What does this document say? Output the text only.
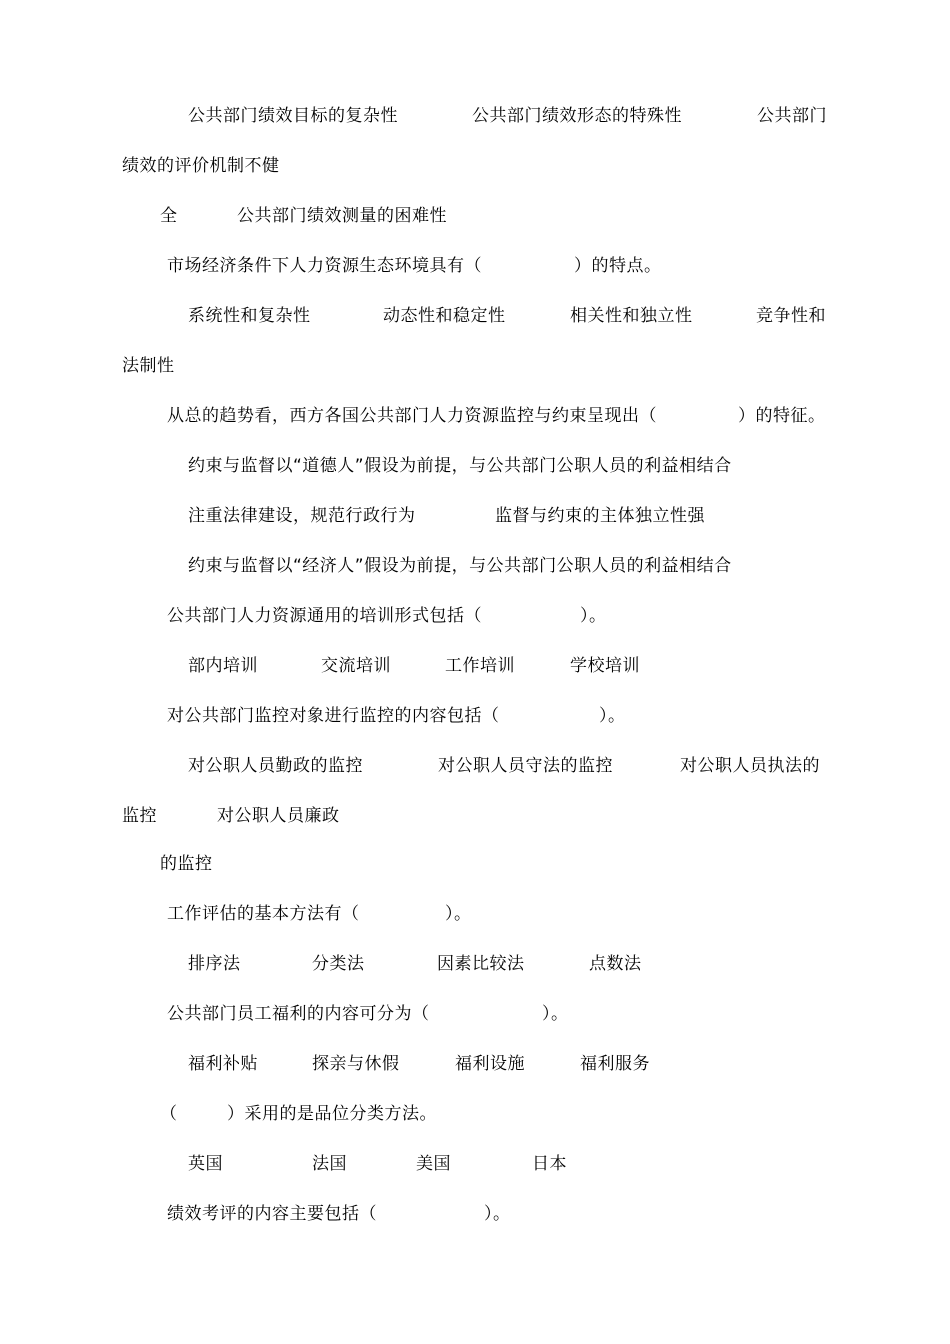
公共部门绩效目标的复杂性	公共部门绩效形态的特殊性	公共部门
绩效的评价机制不健
全	公共部门绩效测量的困难性
市场经济条件下人力资源生态环境具有（	）的特点。
系统性和复杂性	动态性和稳定性	相关性和独立性	竞争性和
法制性
从总的趋势看，西方各国公共部门人力资源监控与约束呈现出（	）的特征。
约束与监督以“道德人”假设为前提，与公共部门公职人员的利益相结合
注重法律建设，规范行政行为	监督与约束的主体独立性强
约束与监督以“经济人”假设为前提，与公共部门公职人员的利益相结合
公共部门人力资源通用的培训形式包括（	）。
部内培训	交流培训	工作培训	学校培训
对公共部门监控对象进行监控的内容包括（	）。
对公职人员勤政的监控	对公职人员守法的监控	对公职人员执法的
监控	对公职人员廉政
的监控
工作评估的基本方法有（	）。
排序法	分类法	因素比较法	点数法
公共部门员工福利的内容可分为（	）。
福利补贴	探亲与休假	福利设施	福利服务
（	）采用的是品位分类方法。
英国	法国	美国	日本
绩效考评的内容主要包括（	）。
